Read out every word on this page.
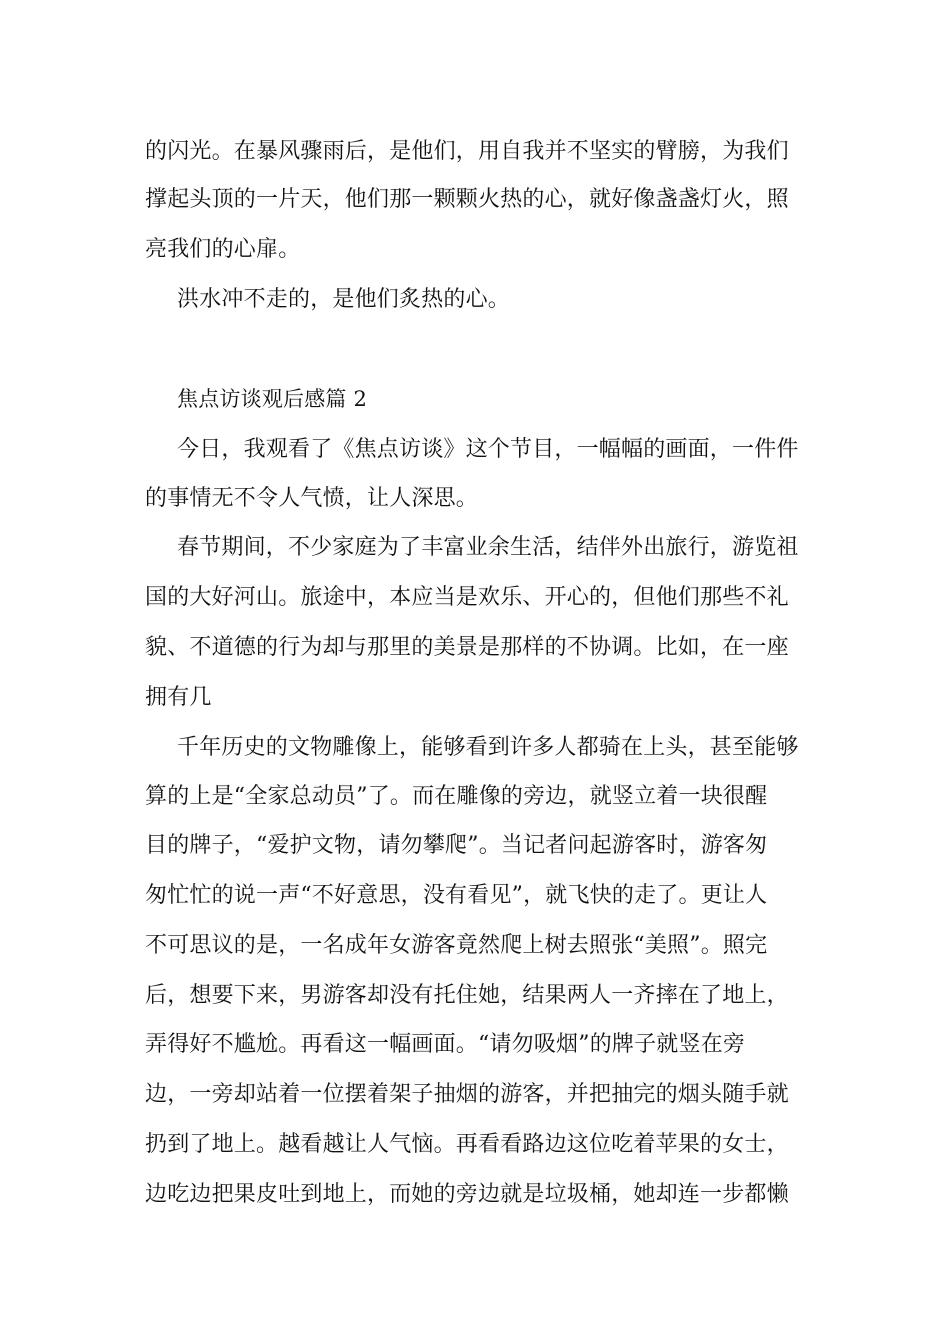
的闪光。在暴风骤雨后，是他们，用自我并不坚实的臂膀，为我们
撑起头顶的一片天，他们那一颗颗火热的心，就好像盏盏灯火，照
亮我们的心扉。
洪水冲不走的，是他们炙热的心。
焦点访谈观后感篇 2
今日，我观看了《焦点访谈》这个节目，一幅幅的画面，一件件
的事情无不令人气愤，让人深思。
春节期间，不少家庭为了丰富业余生活，结伴外出旅行，游览祖
国的大好河山。旅途中，本应当是欢乐、开心的，但他们那些不礼
貌、不道德的行为却与那里的美景是那样的不协调。比如，在一座
拥有几
千年历史的文物雕像上，能够看到许多人都骑在上头，甚至能够
算的上是“全家总动员”了。而在雕像的旁边，就竖立着一块很醒
目的牌子，“爱护文物，请勿攀爬”。当记者问起游客时，游客匆
匆忙忙的说一声“不好意思，没有看见”，就飞快的走了。更让人
不可思议的是，一名成年女游客竟然爬上树去照张“美照”。照完
后，想要下来，男游客却没有托住她，结果两人一齐摔在了地上，
弄得好不尴尬。再看这一幅画面。“请勿吸烟”的牌子就竖在旁
边，一旁却站着一位摆着架子抽烟的游客，并把抽完的烟头随手就
扔到了地上。越看越让人气恼。再看看路边这位吃着苹果的女士，
边吃边把果皮吐到地上，而她的旁边就是垃圾桶，她却连一步都懒
